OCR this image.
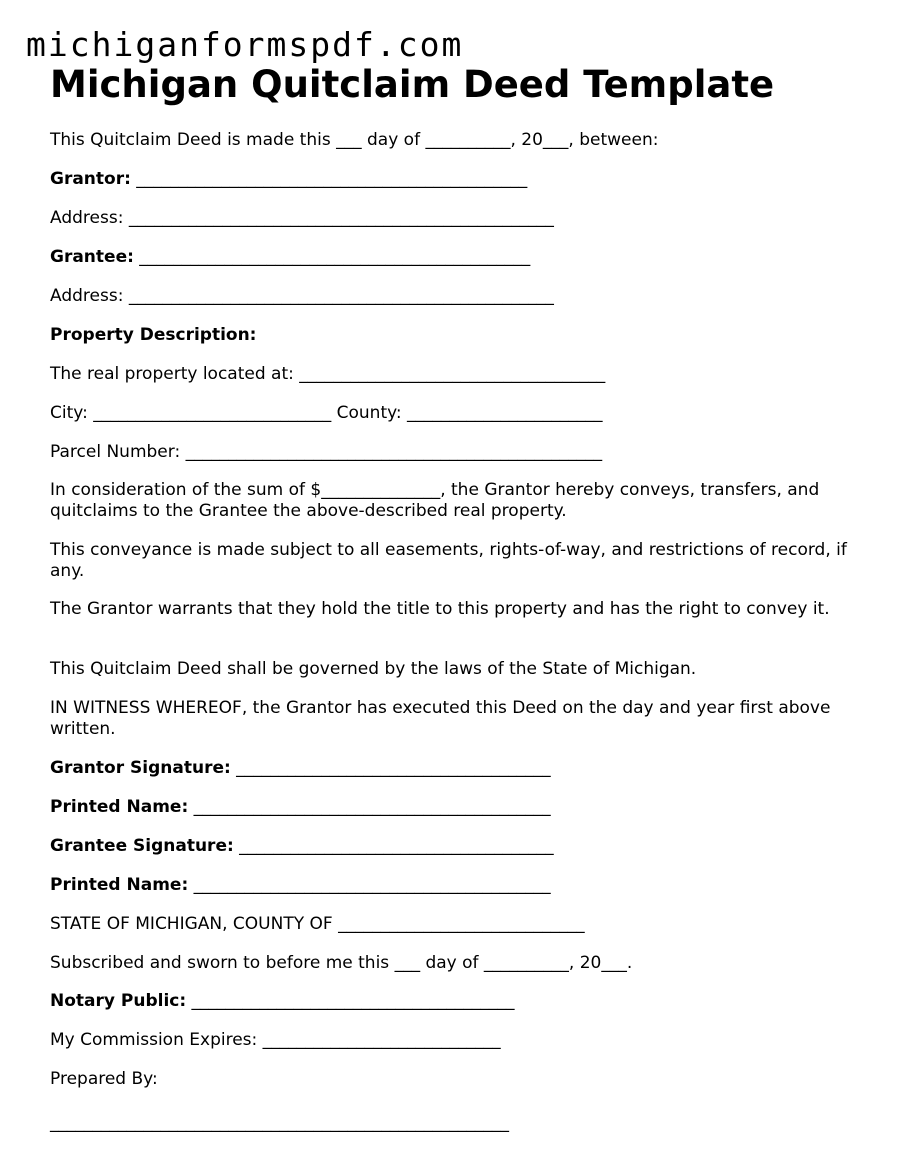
michiganformspdf.com

Michigan Quitclaim Deed Template

This Quitclaim Deed is made this ___ day of __________, 20___, between:

Grantor: ______________________________________________

Address: __________________________________________________

Grantee: ______________________________________________

Address: __________________________________________________

Property Description:

The real property located at: ____________________________________

City: ____________________________ County: _______________________

Parcel Number: _________________________________________________

In consideration of the sum of $______________, the Grantor hereby conveys, transfers, and quitclaims to the Grantee the above-described real property.

This conveyance is made subject to all easements, rights-of-way, and restrictions of record, if any.

The Grantor warrants that they hold the title to this property and has the right to convey it.

This Quitclaim Deed shall be governed by the laws of the State of Michigan.

IN WITNESS WHEREOF, the Grantor has executed this Deed on the day and year first above written.

Grantor Signature: _____________________________________

Printed Name: __________________________________________

Grantee Signature: _____________________________________

Printed Name: __________________________________________

STATE OF MICHIGAN, COUNTY OF _____________________________

Subscribed and sworn to before me this ___ day of __________, 20___.

Notary Public: ______________________________________

My Commission Expires: ____________________________

Prepared By:

______________________________________________________
